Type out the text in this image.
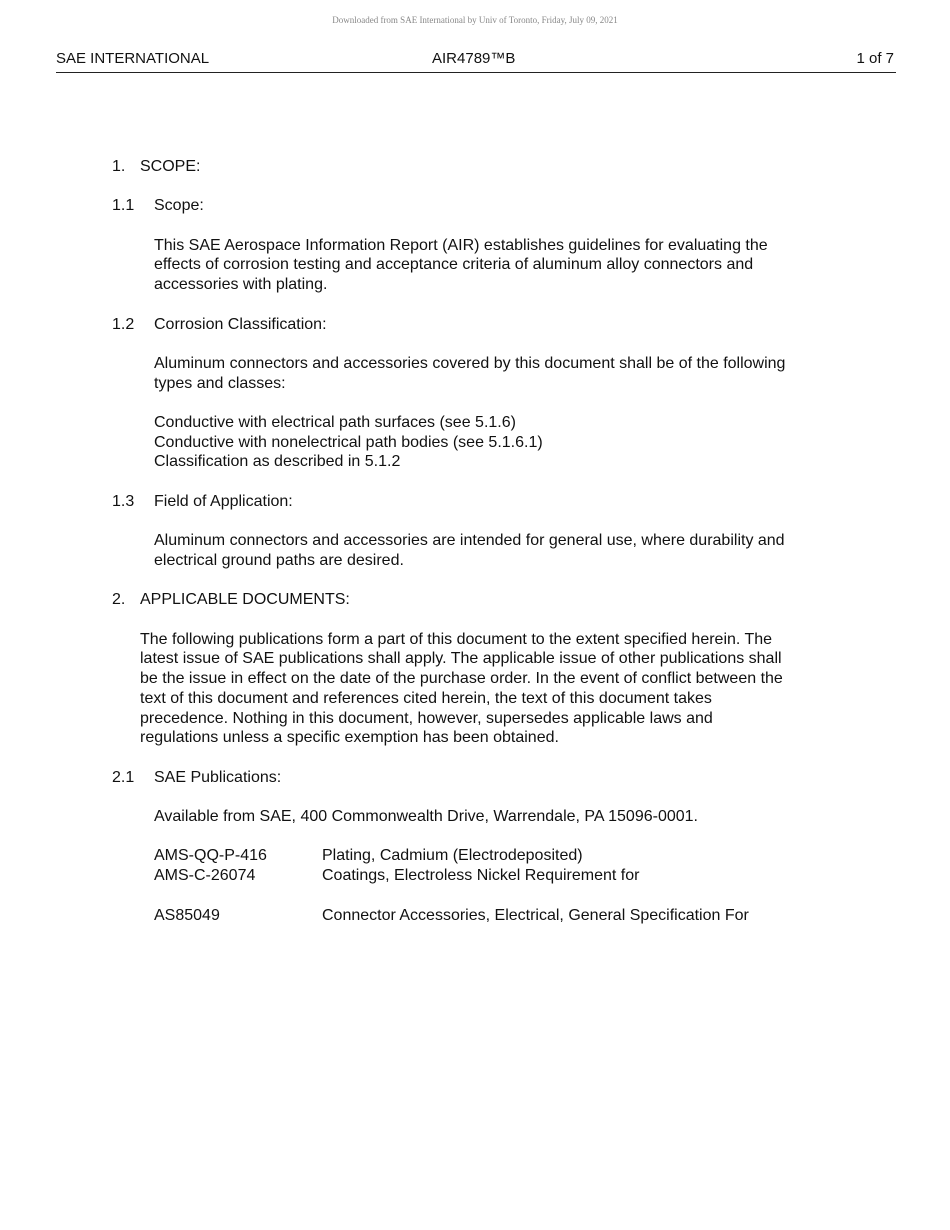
Downloaded from SAE International by Univ of Toronto, Friday, July 09, 2021
SAE INTERNATIONAL	AIR4789™B	1 of 7
1. SCOPE:
1.1 Scope:
This SAE Aerospace Information Report (AIR) establishes guidelines for evaluating the
effects of corrosion testing and acceptance criteria of aluminum alloy connectors and
accessories with plating.
1.2 Corrosion Classification:
Aluminum connectors and accessories covered by this document shall be of the following
types and classes:
Conductive with electrical path surfaces (see 5.1.6)
Conductive with nonelectrical path bodies (see 5.1.6.1)
Classification as described in 5.1.2
1.3 Field of Application:
Aluminum connectors and accessories are intended for general use, where durability and
electrical ground paths are desired.
2. APPLICABLE DOCUMENTS:
The following publications form a part of this document to the extent specified herein. The
latest issue of SAE publications shall apply. The applicable issue of other publications shall
be the issue in effect on the date of the purchase order. In the event of conflict between the
text of this document and references cited herein, the text of this document takes
precedence. Nothing in this document, however, supersedes applicable laws and
regulations unless a specific exemption has been obtained.
2.1 SAE Publications:
Available from SAE, 400 Commonwealth Drive, Warrendale, PA 15096-0001.
AMS-QQ-P-416	Plating, Cadmium (Electrodeposited)
AMS-C-26074	Coatings, Electroless Nickel Requirement for
AS85049	Connector Accessories, Electrical, General Specification For
